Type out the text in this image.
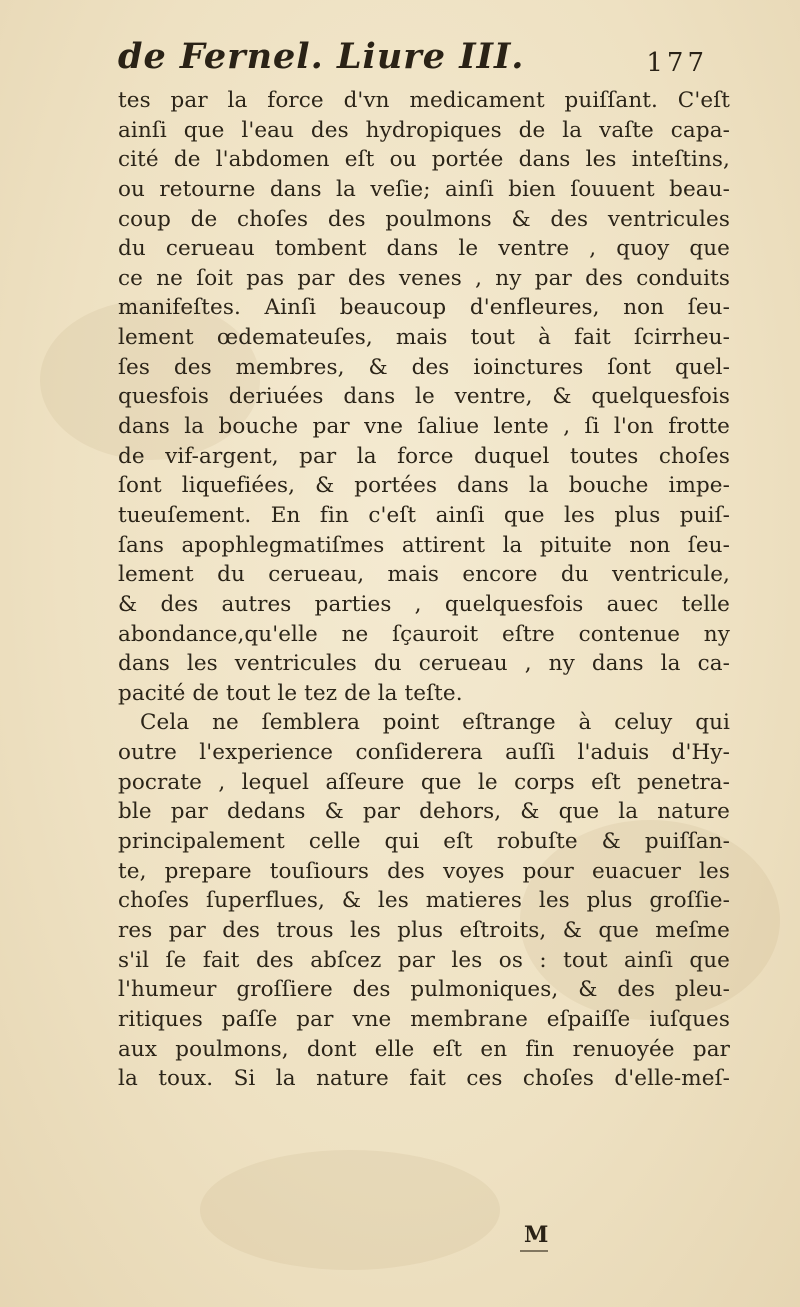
de Fernel. Liure III.	177
tes par la force d'vn medicament puiſſant. C'eſt
ainſi que l'eau des hydropiques de la vaſte capa-
cité de l'abdomen eſt ou portée dans les inteſtins,
ou retourne dans la veſie; ainſi bien ſouuent beau-
coup de choſes des poulmons & des ventricules
du cerueau tombent dans le ventre , quoy que
ce ne ſoit pas par des venes , ny par des conduits
manifeſtes. Ainſi beaucoup d'enfleures, non ſeu-
lement œdemateuſes, mais tout à fait ſcirrheu-
ſes des membres, & des ioinctures ſont quel-
quesfois deriuées dans le ventre, & quelquesfois
dans la bouche par vne ſaliue lente , ſi l'on frotte
de vif-argent, par la force duquel toutes choſes
ſont liquefiées, & portées dans la bouche impe-
tueuſement. En fin c'eſt ainſi que les plus puiſ-
ſans apophlegmatiſmes attirent la pituite non ſeu-
lement du cerueau, mais encore du ventricule,
& des autres parties , quelquesfois auec telle
abondance,qu'elle ne ſçauroit eſtre contenue ny
dans les ventricules du cerueau , ny dans la ca-
pacité de tout le tez de la teſte.
Cela ne ſemblera point eſtrange à celuy qui
outre l'experience conſiderera auſſi l'aduis d'Hy-
pocrate , lequel aſſeure que le corps eſt penetra-
ble par dedans & par dehors, & que la nature
principalement celle qui eſt robuſte & puiſſan-
te, prepare touſiours des voyes pour euacuer les
choſes ſuperflues, & les matieres les plus groſſie-
res par des trous les plus eſtroits, & que meſme
s'il ſe fait des abſcez par les os : tout ainſi que
l'humeur groſſiere des pulmoniques, & des pleu-
ritiques paſſe par vne membrane eſpaiſſe iuſques
aux poulmons, dont elle eſt en fin renuoyée par
la toux. Si la nature fait ces choſes d'elle-meſ-
M
